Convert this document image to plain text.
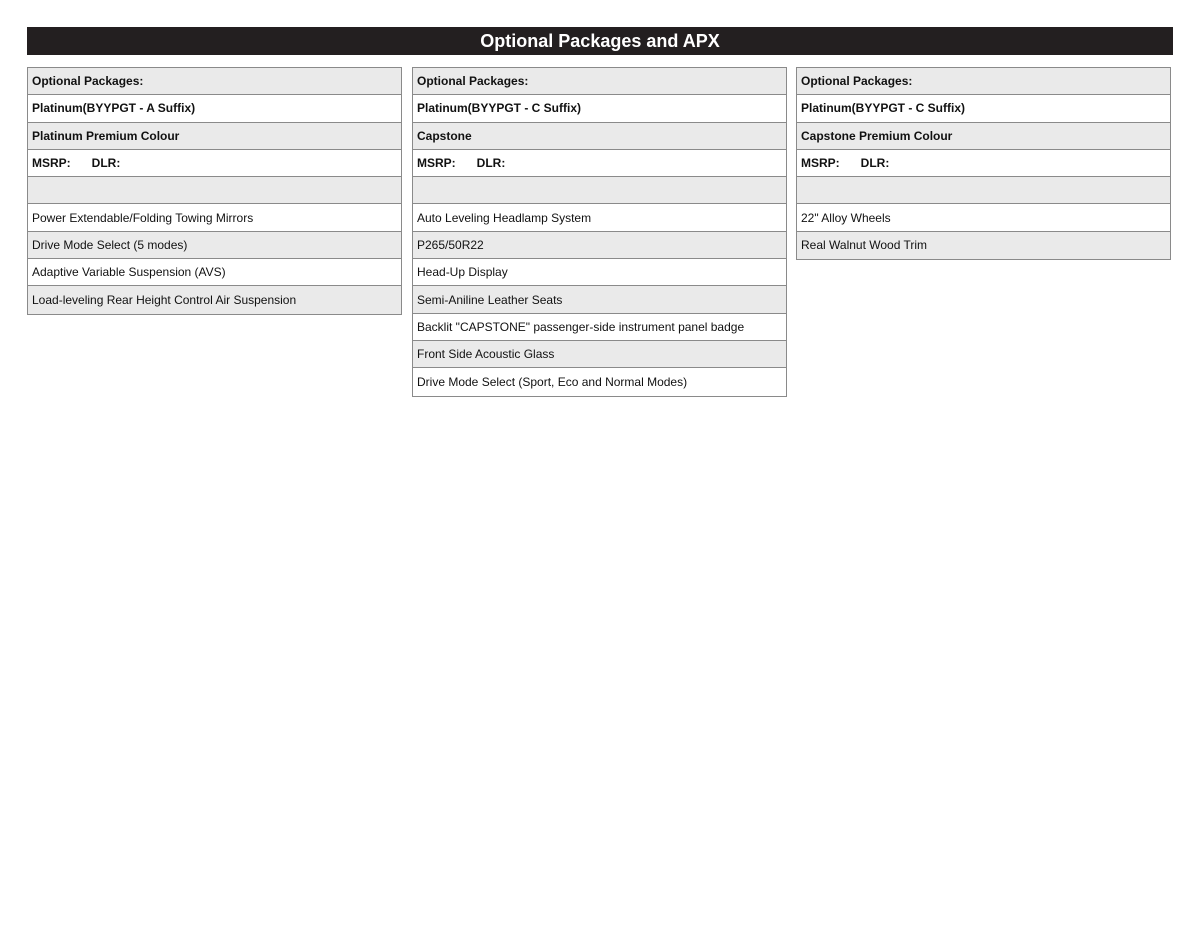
Optional Packages and APX
Optional Packages:
Platinum(BYYPGT - A Suffix)
Platinum Premium Colour
MSRP: DLR:
Power Extendable/Folding Towing Mirrors
Drive Mode Select (5 modes)
Adaptive Variable Suspension (AVS)
Load-leveling Rear Height Control Air Suspension
Optional Packages:
Platinum(BYYPGT - C Suffix)
Capstone
MSRP: DLR:
Auto Leveling Headlamp System
P265/50R22
Head-Up Display
Semi-Aniline Leather Seats
Backlit "CAPSTONE" passenger-side instrument panel badge
Front Side Acoustic Glass
Drive Mode Select (Sport, Eco and Normal Modes)
Optional Packages:
Platinum(BYYPGT - C Suffix)
Capstone Premium Colour
MSRP: DLR:
22" Alloy Wheels
Real Walnut Wood Trim
